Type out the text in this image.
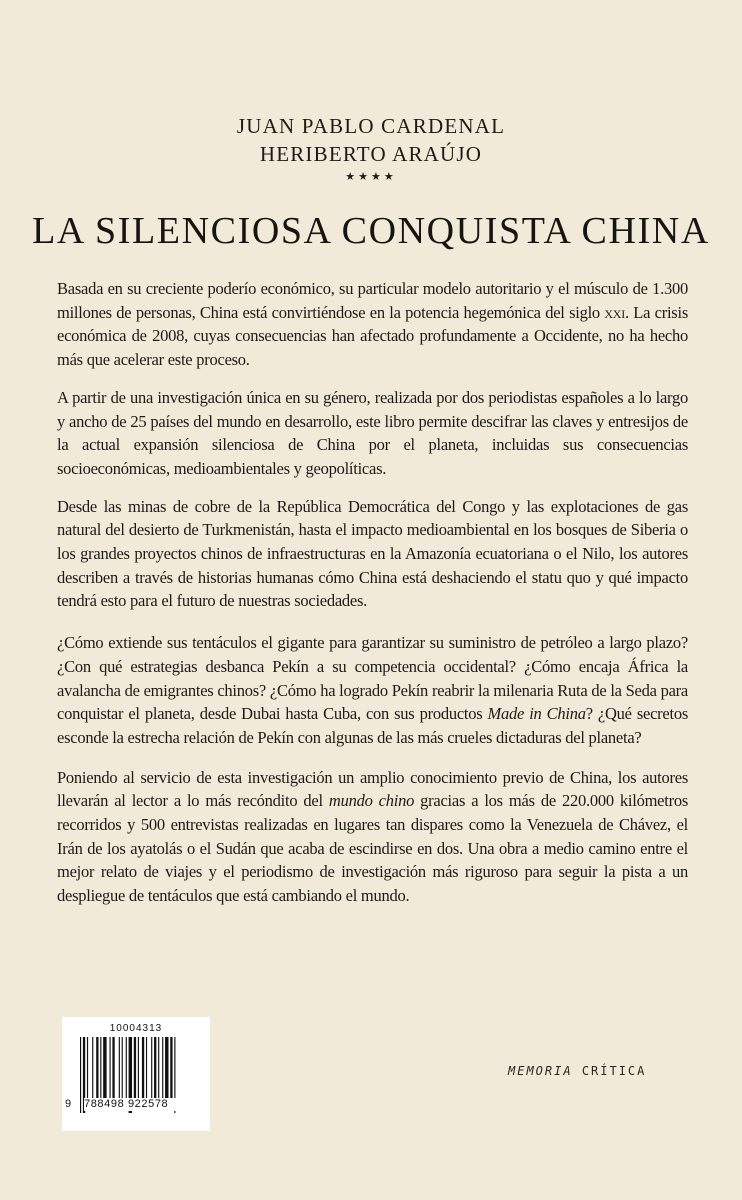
JUAN PABLO CARDENAL
HERIBERTO ARAÚJO
★★★★
LA SILENCIOSA CONQUISTA CHINA

Basada en su creciente poderío económico, su particular modelo autoritario y el músculo de 1.300 millones de personas, China está convirtiéndose en la potencia hegemónica del siglo xxi. La crisis económica de 2008, cuyas consecuencias han afectado profundamente a Occidente, no ha hecho más que acelerar este proceso.

A partir de una investigación única en su género, realizada por dos periodistas españoles a lo largo y ancho de 25 países del mundo en desarrollo, este libro permite descifrar las claves y entresijos de la actual expansión silenciosa de China por el planeta, incluidas sus consecuencias socioeconómicas, medioambientales y geopolíticas.

Desde las minas de cobre de la República Democrática del Congo y las explotaciones de gas natural del desierto de Turkmenistán, hasta el impacto medioambiental en los bosques de Siberia o los grandes proyectos chinos de infraestructuras en la Amazonía ecuatoriana o el Nilo, los autores describen a través de historias humanas cómo China está deshaciendo el statu quo y qué impacto tendrá esto para el futuro de nuestras sociedades.

¿Cómo extiende sus tentáculos el gigante para garantizar su suministro de petróleo a largo plazo? ¿Con qué estrategias desbanca Pekín a su competencia occidental? ¿Cómo encaja África la avalancha de emigrantes chinos? ¿Cómo ha logrado Pekín reabrir la milenaria Ruta de la Seda para conquistar el planeta, desde Dubai hasta Cuba, con sus productos Made in China? ¿Qué secretos esconde la estrecha relación de Pekín con algunas de las más crueles dictaduras del planeta?

Poniendo al servicio de esta investigación un amplio conocimiento previo de China, los autores llevarán al lector a lo más recóndito del mundo chino gracias a los más de 220.000 kilómetros recorridos y 500 entrevistas realizadas en lugares tan dispares como la Venezuela de Chávez, el Irán de los ayatolás o el Sudán que acaba de escindirse en dos. Una obra a medio camino entre el mejor relato de viajes y el periodismo de investigación más riguroso para seguir la pista a un despliegue de tentáculos que está cambiando el mundo.

10004313
9 788498 922578
MEMORIA CRÍTICA
